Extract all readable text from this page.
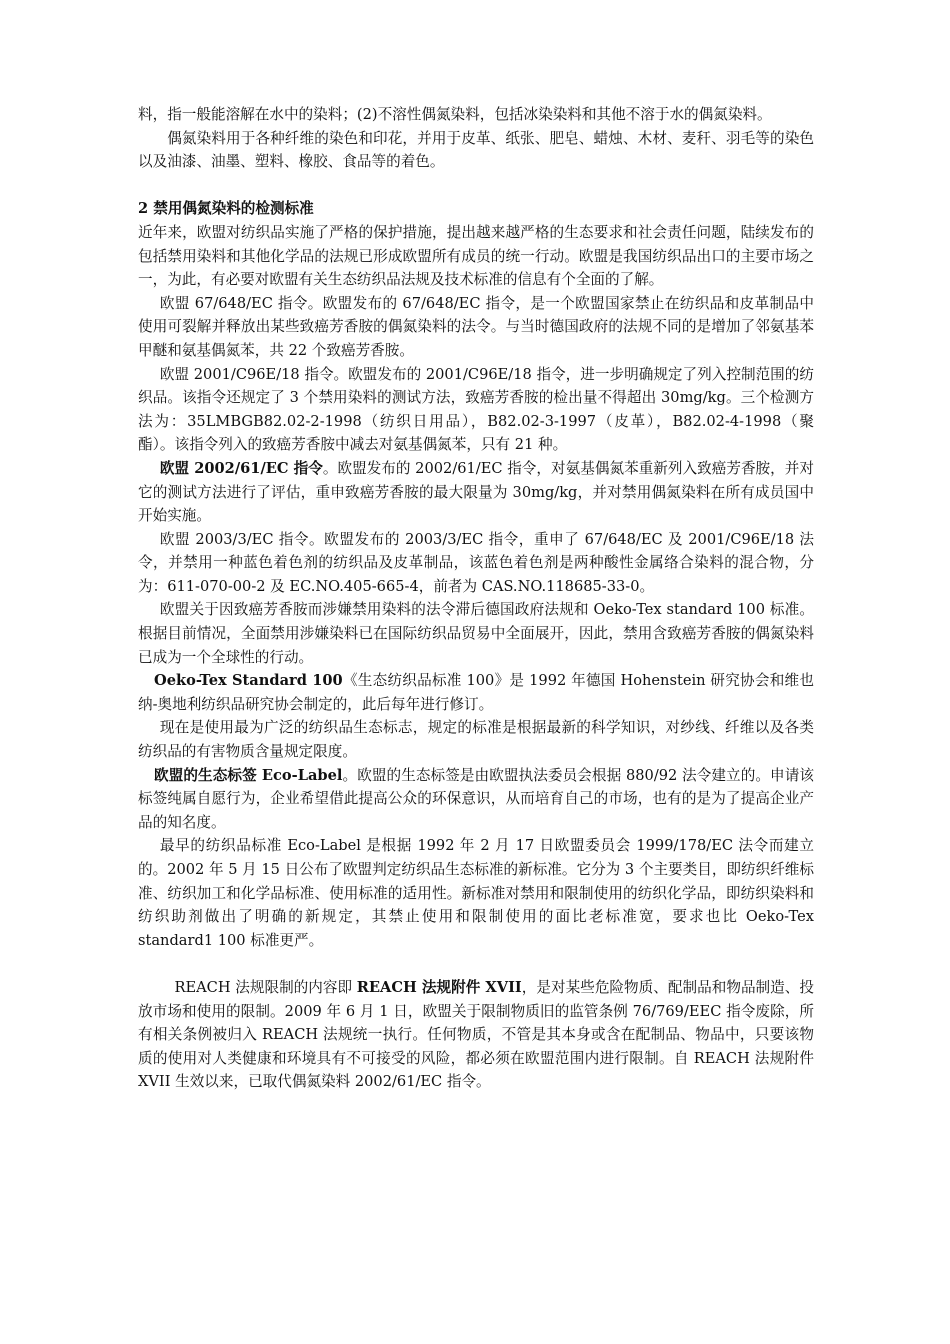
料，指一般能溶解在水中的染料；(2)不溶性偶氮染料，包括冰染染料和其他不溶于水的偶氮染料。

偶氮染料用于各种纤维的染色和印花，并用于皮革、纸张、肥皂、蜡烛、木材、麦秆、羽毛等的染色以及油漆、油墨、塑料、橡胶、食品等的着色。

2 禁用偶氮染料的检测标准

近年来，欧盟对纺织品实施了严格的保护措施，提出越来越严格的生态要求和社会责任问题，陆续发布的包括禁用染料和其他化学品的法规已形成欧盟所有成员的统一行动。欧盟是我国纺织品出口的主要市场之一，为此，有必要对欧盟有关生态纺织品法规及技术标准的信息有个全面的了解。

欧盟 67/648/EC 指令。欧盟发布的 67/648/EC 指令，是一个欧盟国家禁止在纺织品和皮革制品中使用可裂解并释放出某些致癌芳香胺的偶氮染料的法令。与当时德国政府的法规不同的是增加了邻氨基苯甲醚和氨基偶氮苯，共 22 个致癌芳香胺。

欧盟 2001/C96E/18 指令。欧盟发布的 2001/C96E/18 指令，进一步明确规定了列入控制范围的纺织品。该指令还规定了 3 个禁用染料的测试方法，致癌芳香胺的检出量不得超出 30mg/kg。三个检测方法为：35LMBGB82.02-2-1998（纺织日用品），B82.02-3-1997（皮革），B82.02-4-1998（聚酯）。该指令列入的致癌芳香胺中减去对氨基偶氮苯，只有 21 种。

欧盟 2002/61/EC 指令。欧盟发布的 2002/61/EC 指令，对氨基偶氮苯重新列入致癌芳香胺，并对它的测试方法进行了评估，重申致癌芳香胺的最大限量为 30mg/kg，并对禁用偶氮染料在所有成员国中开始实施。

欧盟 2003/3/EC 指令。欧盟发布的 2003/3/EC 指令，重申了 67/648/EC 及 2001/C96E/18 法令，并禁用一种蓝色着色剂的纺织品及皮革制品，该蓝色着色剂是两种酸性金属络合染料的混合物，分为：611-070-00-2 及 EC.NO.405-665-4，前者为 CAS.NO.118685-33-0。

欧盟关于因致癌芳香胺而涉嫌禁用染料的法令滞后德国政府法规和 Oeko-Tex standard 100 标准。根据目前情况，全面禁用涉嫌染料已在国际纺织品贸易中全面展开，因此，禁用含致癌芳香胺的偶氮染料已成为一个全球性的行动。

Oeko-Tex Standard 100《生态纺织品标准 100》是 1992 年德国 Hohenstein 研究协会和维也纳-奥地利纺织品研究协会制定的，此后每年进行修订。

现在是使用最为广泛的纺织品生态标志，规定的标准是根据最新的科学知识，对纱线、纤维以及各类纺织品的有害物质含量规定限度。

欧盟的生态标签 Eco-Label。欧盟的生态标签是由欧盟执法委员会根据 880/92 法令建立的。申请该标签纯属自愿行为，企业希望借此提高公众的环保意识，从而培育自己的市场，也有的是为了提高企业产品的知名度。

最早的纺织品标准 Eco-Label 是根据 1992 年 2 月 17 日欧盟委员会 1999/178/EC 法令而建立的。2002 年 5 月 15 日公布了欧盟判定纺织品生态标准的新标准。它分为 3 个主要类目，即纺织纤维标准、纺织加工和化学品标准、使用标准的适用性。新标准对禁用和限制使用的纺织化学品，即纺织染料和纺织助剂做出了明确的新规定，其禁止使用和限制使用的面比老标准宽，要求也比 Oeko-Tex standard1 100 标准更严。

REACH 法规限制的内容即 REACH 法规附件 XVII，是对某些危险物质、配制品和物品制造、投放市场和使用的限制。2009 年 6 月 1 日，欧盟关于限制物质旧的监管条例 76/769/EEC 指令废除，所有相关条例被归入 REACH 法规统一执行。任何物质，不管是其本身或含在配制品、物品中，只要该物质的使用对人类健康和环境具有不可接受的风险，都必须在欧盟范围内进行限制。自 REACH 法规附件 XVII 生效以来，已取代偶氮染料 2002/61/EC 指令。
